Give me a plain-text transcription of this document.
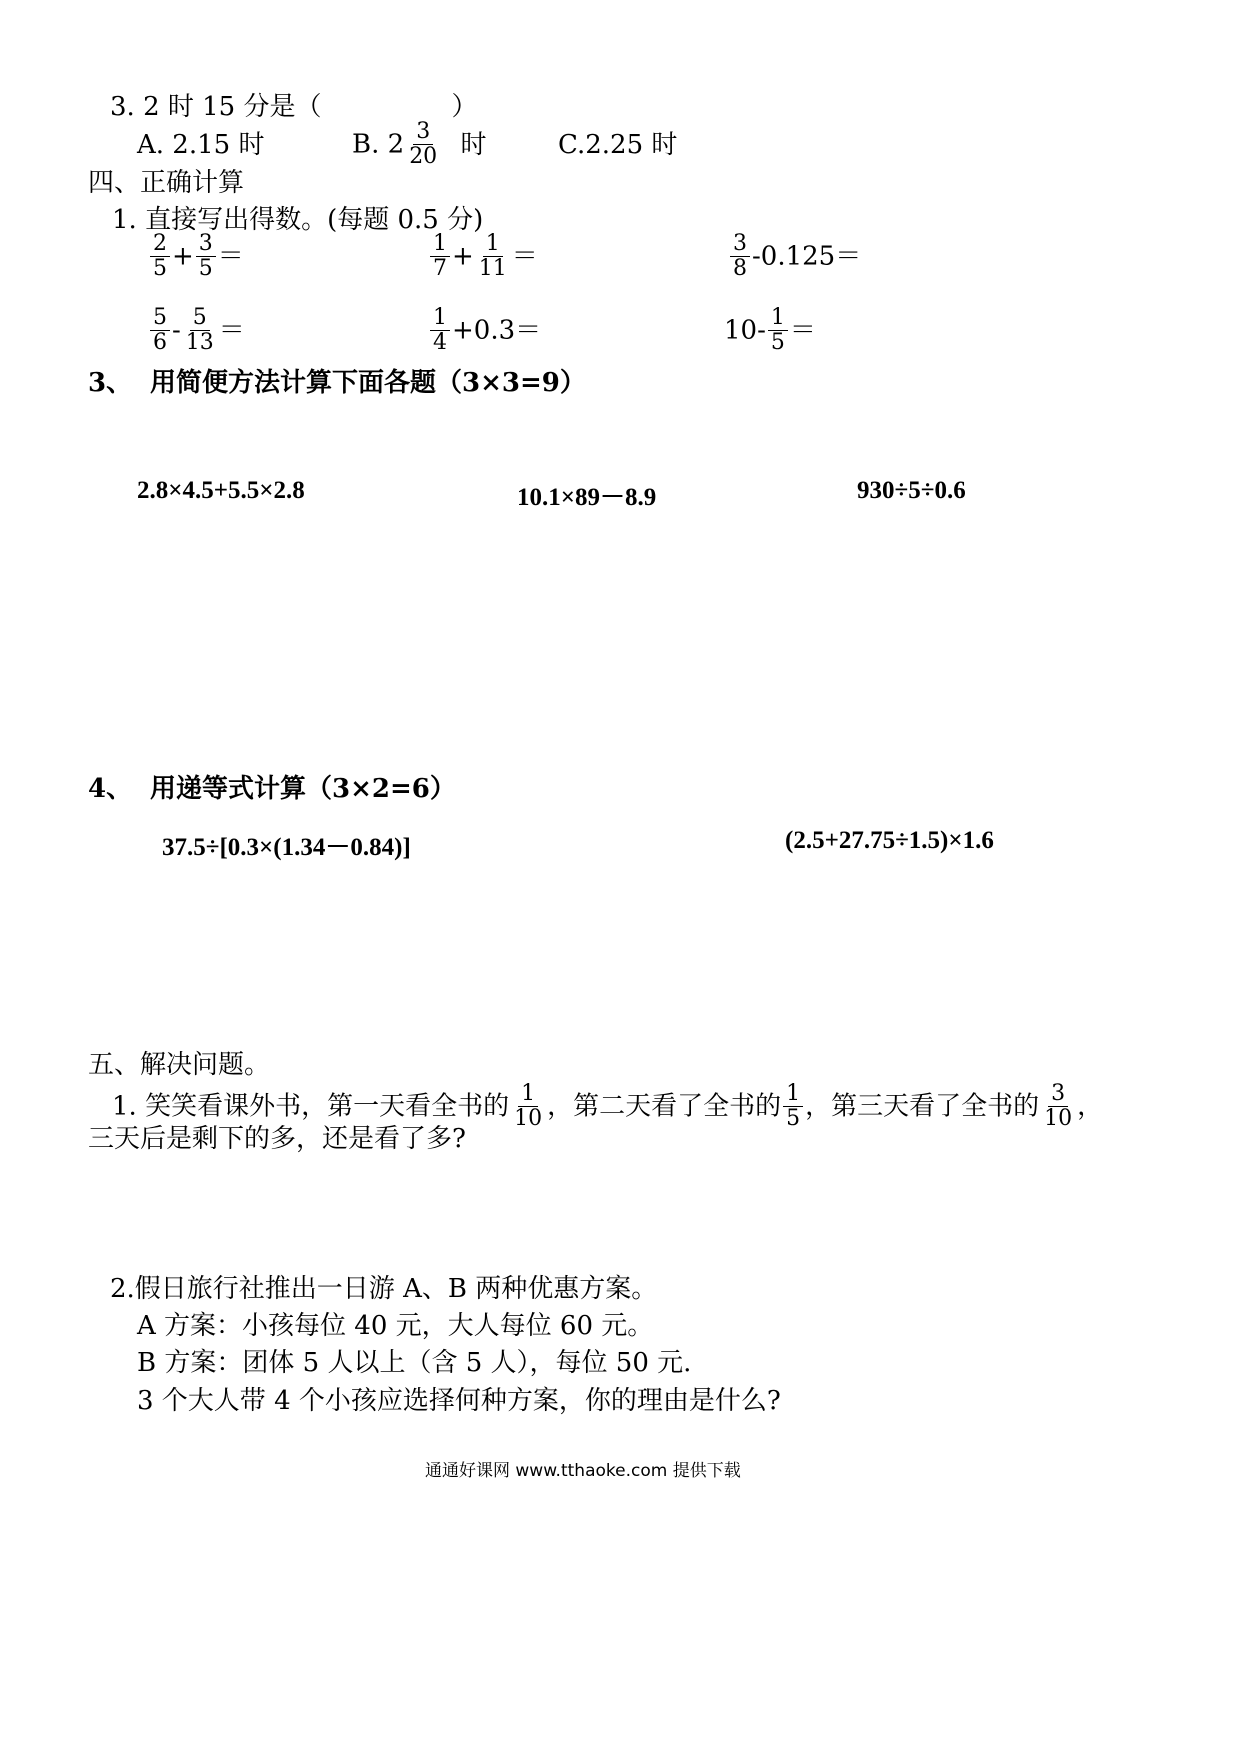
3. 2 时 15 分是（　　　　　）
A. 2.15 时	B. $2 \frac{3}{20}$ 时	C.2.25 时
四、正确计算
1. 直接写出得数。(每题 0.5 分)
$\frac{2}{5} + \frac{3}{5}$ ＝	$\frac{1}{7} + \frac{1}{11}$ ＝	$\frac{3}{8} -0.125=$
$\frac{5}{6} - \frac{5}{13}$ ＝	$\frac{1}{4} +0.3=$	$10- \frac{1}{5}$ ＝
3、 用简便方法计算下面各题（3×3=9）
2.8×4.5+5.5×2.8	10.1×89－8.9	930÷5÷0.6
4、 用递等式计算（3×2=6）
37.5÷[0.3×(1.34－0.84)]	(2.5+27.75÷1.5)×1.6
五、解决问题。
1. 笑笑看课外书，第一天看全书的 $\frac{1}{10}$ ，第二天看了全书的 $\frac{1}{5}$ ，第三天看了全书的 $\frac{3}{10}$ ，
三天后是剩下的多，还是看了多?
2.假日旅行社推出一日游 A、B 两种优惠方案。
A 方案：小孩每位 40 元，大人每位 60 元。
B 方案：团体 5 人以上（含 5 人），每位 50 元.
3 个大人带 4 个小孩应选择何种方案，你的理由是什么?
通通好课网 www.tthaoke.com 提供下载
